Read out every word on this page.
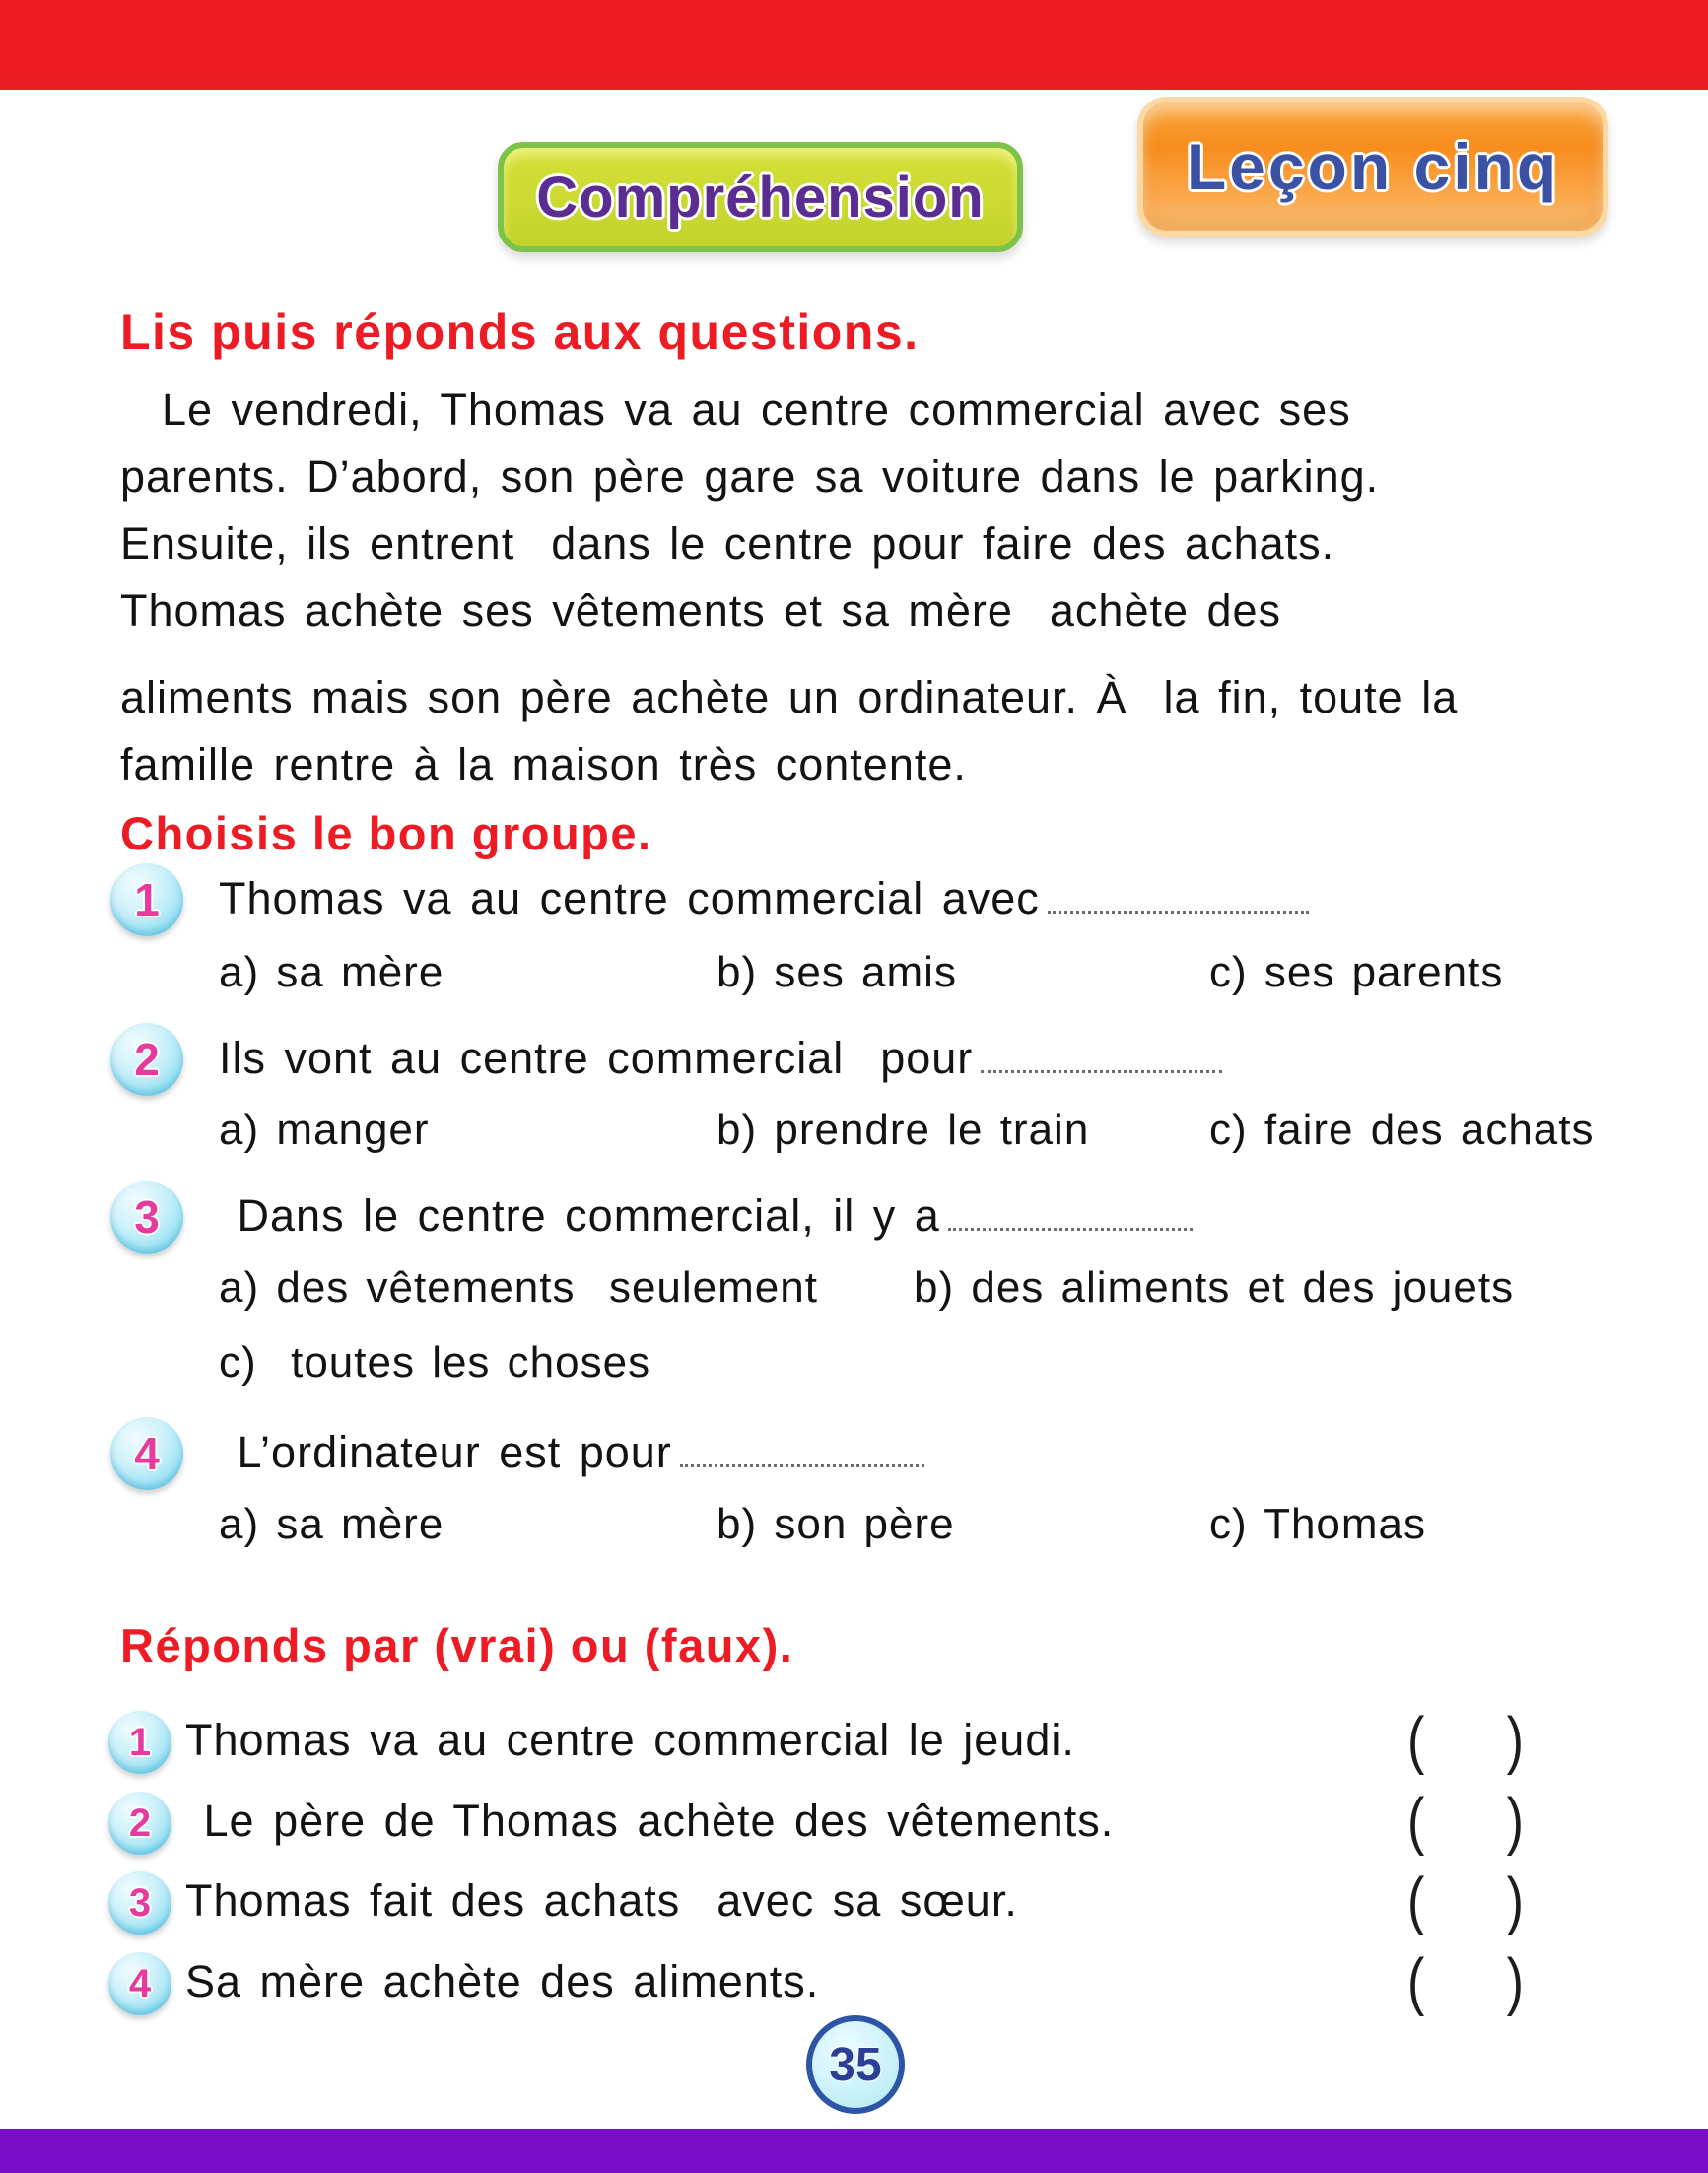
Leçon cinq
Compréhension
Lis puis réponds aux questions.
Le vendredi, Thomas va au centre commercial avec ses
parents. D’abord, son père gare sa voiture dans le parking.
Ensuite, ils entrent  dans le centre pour faire des achats.
Thomas achète ses vêtements et sa mère  achète des
aliments mais son père achète un ordinateur. À  la fin, toute la
famille rentre à la maison très contente.
Choisis le bon groupe.
1 Thomas va au centre commercial avec
a) sa mère	b) ses amis	c) ses parents
2 Ils vont au centre commercial  pour
a) manger	b) prendre le train	c) faire des achats
3 Dans le centre commercial, il y a
a) des vêtements  seulement	b) des aliments et des jouets
c)  toutes les choses
4 L’ordinateur est pour
a) sa mère	b) son père	c) Thomas
Réponds par (vrai) ou (faux).
1 Thomas va au centre commercial le jeudi.	( )
2 Le père de Thomas achète des vêtements.	( )
3 Thomas fait des achats  avec sa sœur.	( )
4 Sa mère achète des aliments.	( )
35
